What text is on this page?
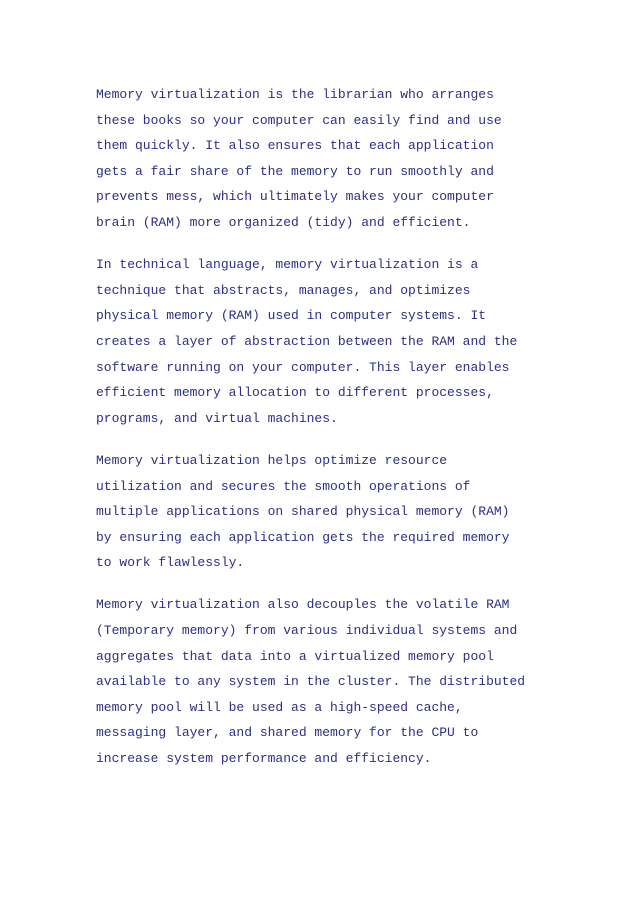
Memory virtualization is the librarian who arranges
these books so your computer can easily find and use
them quickly. It also ensures that each application
gets a fair share of the memory to run smoothly and
prevents mess, which ultimately makes your computer
brain (RAM) more organized (tidy) and efficient.
In technical language, memory virtualization is a
technique that abstracts, manages, and optimizes
physical memory (RAM) used in computer systems. It
creates a layer of abstraction between the RAM and the
software running on your computer. This layer enables
efficient memory allocation to different processes,
programs, and virtual machines.
Memory virtualization helps optimize resource
utilization and secures the smooth operations of
multiple applications on shared physical memory (RAM)
by ensuring each application gets the required memory
to work flawlessly.
Memory virtualization also decouples the volatile RAM
(Temporary memory) from various individual systems and
aggregates that data into a virtualized memory pool
available to any system in the cluster. The distributed
memory pool will be used as a high-speed cache,
messaging layer, and shared memory for the CPU to
increase system performance and efficiency.
